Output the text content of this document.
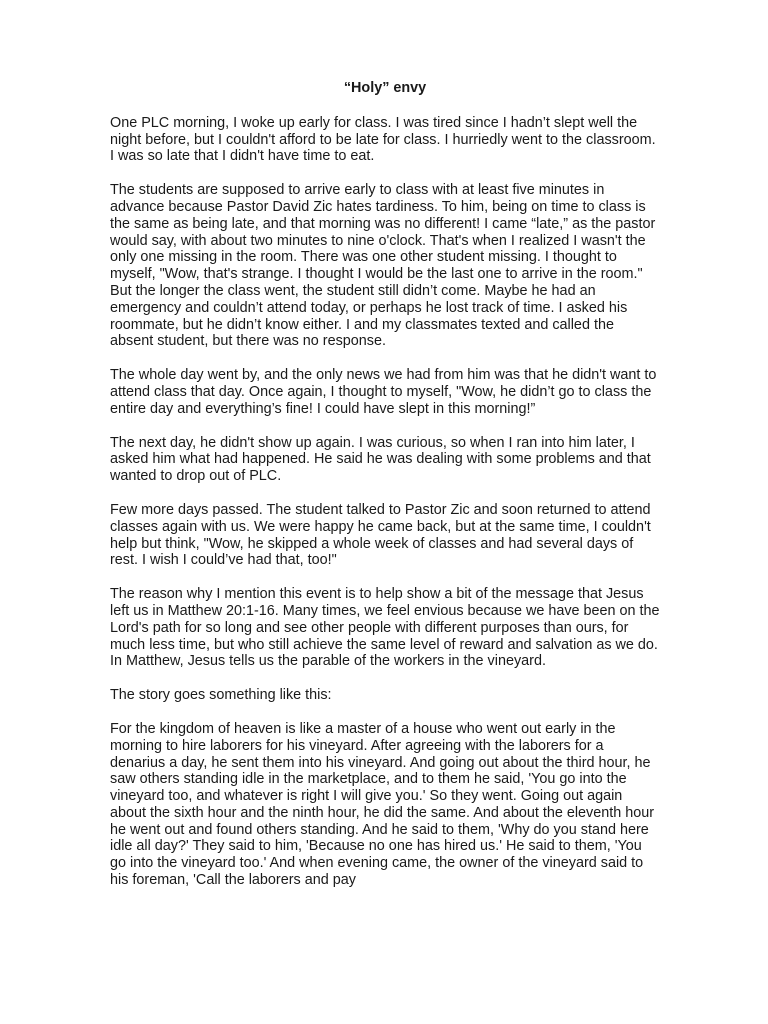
“Holy” envy

One PLC morning, I woke up early for class. I was tired since I hadn’t slept well the night before, but I couldn't afford to be late for class. I hurriedly went to the classroom. I was so late that I didn't have time to eat.

The students are supposed to arrive early to class with at least five minutes in advance because Pastor David Zic hates tardiness. To him, being on time to class is the same as being late, and that morning was no different! I came “late,” as the pastor would say, with about two minutes to nine o'clock. That's when I realized I wasn't the only one missing in the room. There was one other student missing. I thought to myself, "Wow, that's strange. I thought I would be the last one to arrive in the room." But the longer the class went, the student still didn’t come. Maybe he had an emergency and couldn’t attend today, or perhaps he lost track of time. I asked his roommate, but he didn’t know either. I and my classmates texted and called the absent student, but there was no response.

The whole day went by, and the only news we had from him was that he didn't want to attend class that day. Once again, I thought to myself, "Wow, he didn’t go to class the entire day and everything’s fine! I could have slept in this morning!”

The next day, he didn't show up again. I was curious, so when I ran into him later, I asked him what had happened. He said he was dealing with some problems and that wanted to drop out of PLC.

Few more days passed. The student talked to Pastor Zic and soon returned to attend classes again with us. We were happy he came back, but at the same time, I couldn't help but think, "Wow, he skipped a whole week of classes and had several days of rest. I wish I could’ve had that, too!"

The reason why I mention this event is to help show a bit of the message that Jesus left us in Matthew 20:1-16. Many times, we feel envious because we have been on the Lord's path for so long and see other people with different purposes than ours, for much less time, but who still achieve the same level of reward and salvation as we do. In Matthew, Jesus tells us the parable of the workers in the vineyard.

The story goes something like this:

For the kingdom of heaven is like a master of a house who went out early in the morning to hire laborers for his vineyard. After agreeing with the laborers for a denarius a day, he sent them into his vineyard. And going out about the third hour, he saw others standing idle in the marketplace, and to them he said, 'You go into the vineyard too, and whatever is right I will give you.' So they went. Going out again about the sixth hour and the ninth hour, he did the same. And about the eleventh hour he went out and found others standing. And he said to them, 'Why do you stand here idle all day?' They said to him, 'Because no one has hired us.' He said to them, 'You go into the vineyard too.' And when evening came, the owner of the vineyard said to his foreman, 'Call the laborers and pay
